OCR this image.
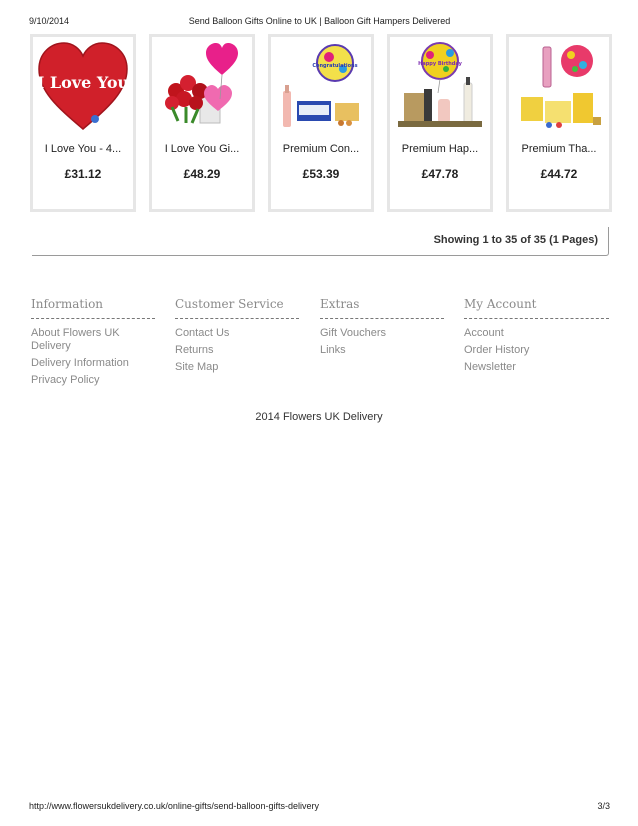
9/10/2014	Send Balloon Gifts Online to UK | Balloon Gift Hampers Delivered
I Love You
I Love You - 4...
£31.12
I Love You Gi...
£48.29
Congratulations
Premium Con...
£53.39
Happy Birthday
Premium Hap...
£47.78
Premium Tha...
£44.72
Showing 1 to 35 of 35 (1 Pages)
Information
About Flowers UK Delivery
Delivery Information
Privacy Policy
Customer Service
Contact Us
Returns
Site Map
Extras
Gift Vouchers
Links
My Account
Account
Order History
Newsletter
2014 Flowers UK Delivery
http://www.flowersukdelivery.co.uk/online-gifts/send-balloon-gifts-delivery	3/3
